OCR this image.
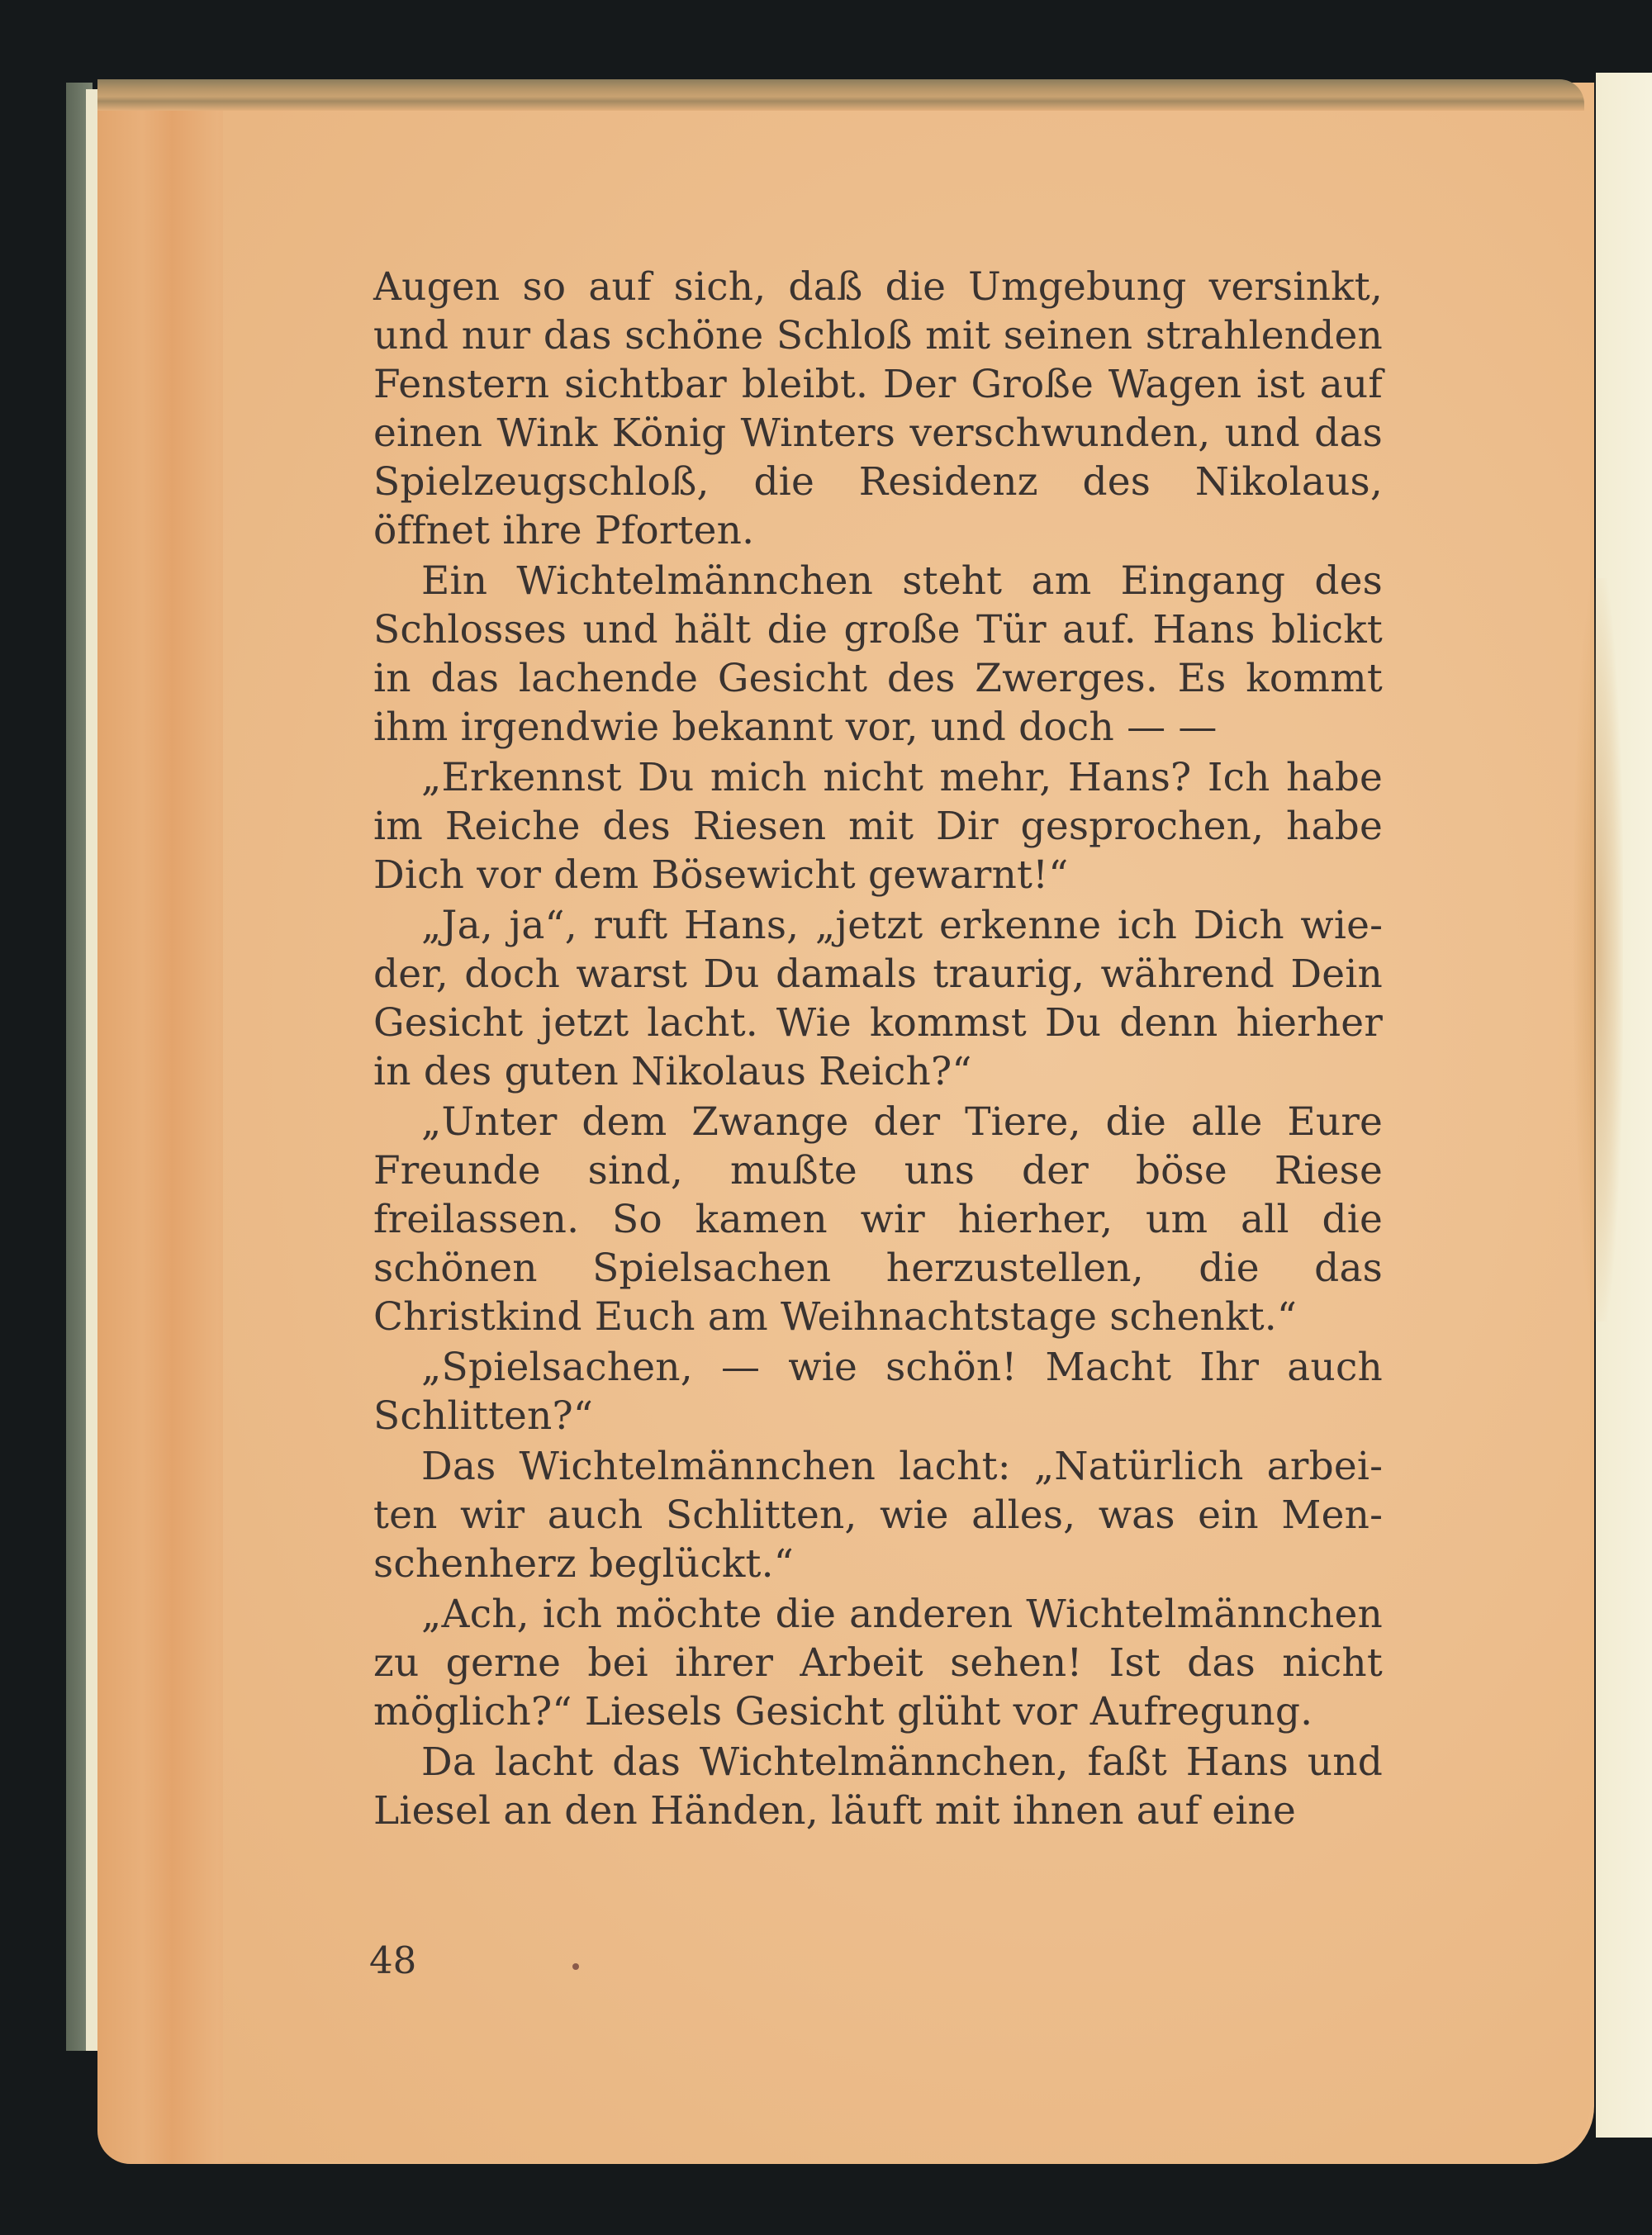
Augen so auf sich, daß die Umgebung versinkt, und nur das schöne Schloß mit seinen strahlenden Fenstern sichtbar bleibt. Der Große Wagen ist auf einen Wink König Winters verschwunden, und das Spielzeugschloß, die Residenz des Nikolaus, öffnet ihre Pforten.

Ein Wichtelmännchen steht am Eingang des Schlosses und hält die große Tür auf. Hans blickt in das lachende Gesicht des Zwerges. Es kommt ihm irgendwie bekannt vor, und doch — —

„Erkennst Du mich nicht mehr, Hans? Ich habe im Reiche des Riesen mit Dir gesprochen, habe Dich vor dem Bösewicht gewarnt!“

„Ja, ja“, ruft Hans, „jetzt erkenne ich Dich wieder, doch warst Du damals traurig, während Dein Gesicht jetzt lacht. Wie kommst Du denn hierher in des guten Nikolaus Reich?“

„Unter dem Zwange der Tiere, die alle Eure Freunde sind, mußte uns der böse Riese freilassen. So kamen wir hierher, um all die schönen Spielsachen herzustellen, die das Christkind Euch am Weihnachtstage schenkt.“

„Spielsachen, — wie schön! Macht Ihr auch Schlitten?“

Das Wichtelmännchen lacht: „Natürlich arbeiten wir auch Schlitten, wie alles, was ein Menschenherz beglückt.“

„Ach, ich möchte die anderen Wichtelmännchen zu gerne bei ihrer Arbeit sehen! Ist das nicht möglich?“ Liesels Gesicht glüht vor Aufregung.

Da lacht das Wichtelmännchen, faßt Hans und Liesel an den Händen, läuft mit ihnen auf eine

48
